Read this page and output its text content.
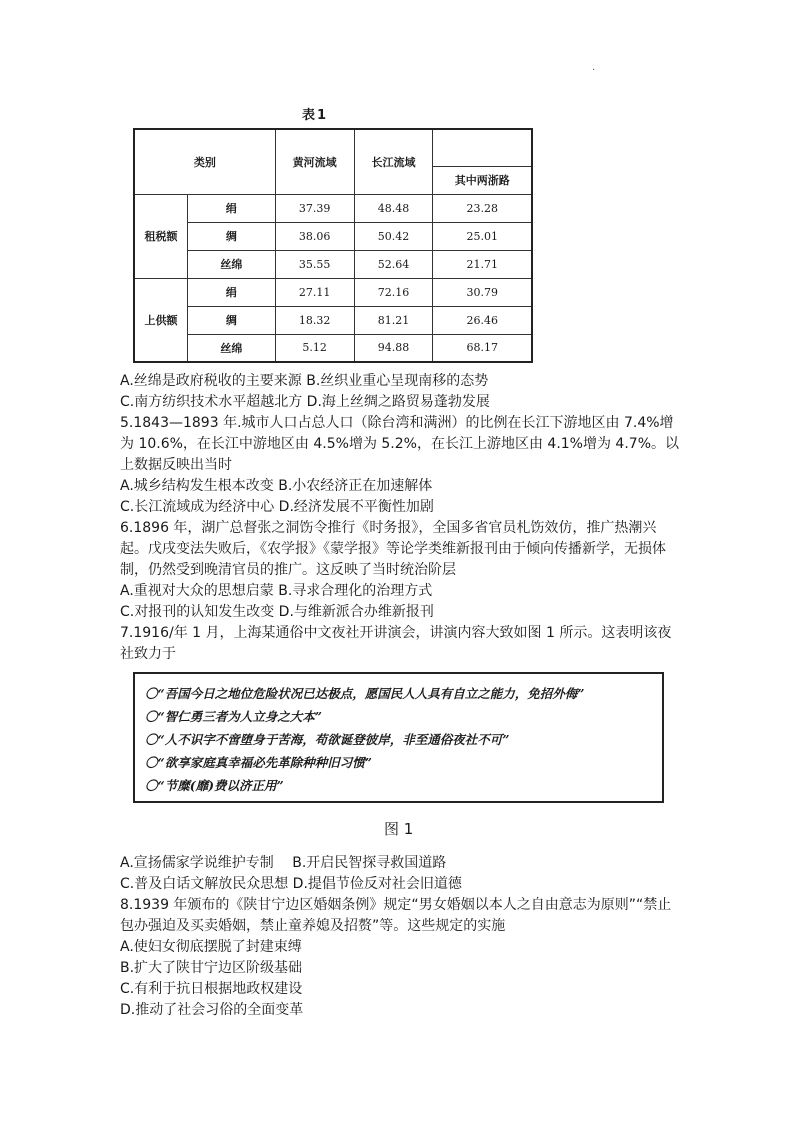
.
表1
类别		黄河流域	长江流域	
				其中两浙路
租税额	绢	37.39	48.48	23.28
	绸	38.06	50.42	25.01
	丝绵	35.55	52.64	21.71
上供额	绢	27.11	72.16	30.79
	绸	18.32	81.21	26.46
	丝绵	5.12	94.88	68.17

A.丝绵是政府税收的主要来源 B.丝织业重心呈现南移的态势

C.南方纺织技术水平超越北方 D.海上丝绸之路贸易蓬勃发展

5.1843—1893 年.城市人口占总人口（除台湾和满洲）的比例在长江下游地区由 7.4%增为 10.6%，在长江中游地区由 4.5%增为 5.2%，在长江上游地区由 4.1%增为 4.7%。以上数据反映出当时

A.城乡结构发生根本改变 B.小农经济正在加速解体

C.长江流域成为经济中心 D.经济发展不平衡性加剧

6.1896 年，湖广总督张之洞饬令推行《时务报》，全国多省官员札饬效仿，推广热潮兴起。戊戌变法失败后，《农学报》《蒙学报》等论学类维新报刊由于倾向传播新学，无损体制，仍然受到晚清官员的推广。这反映了当时统治阶层

A.重视对大众的思想启蒙 B.寻求合理化的治理方式

C.对报刊的认知发生改变 D.与维新派合办维新报刊

7.1916/年 1 月，上海某通俗中文夜社开讲演会，讲演内容大致如图 1 所示。这表明该夜社致力于

〇“吾国今日之地位危险状况已达极点，愿国民人人具有自立之能力，免招外侮”
〇“智仁勇三者为人立身之大本”
〇“人不识字不啻堕身于苦海，苟欲诞登彼岸，非至通俗夜社不可”
〇“欲享家庭真幸福必先革除种种旧习惯”
〇“节糜(靡)费以济正用”
图 1

A.宣扬儒家学说维护专制　 B.开启民智探寻救国道路

C.普及白话文解放民众思想 D.提倡节俭反对社会旧道德

8.1939 年颁布的《陕甘宁边区婚姻条例》规定“男女婚姻以本人之自由意志为原则”“禁止包办强迫及买卖婚姻，禁止童养媳及招赘”等。这些规定的实施

A.使妇女彻底摆脱了封建束缚

B.扩大了陕甘宁边区阶级基础

C.有利于抗日根据地政权建设

D.推动了社会习俗的全面变革
